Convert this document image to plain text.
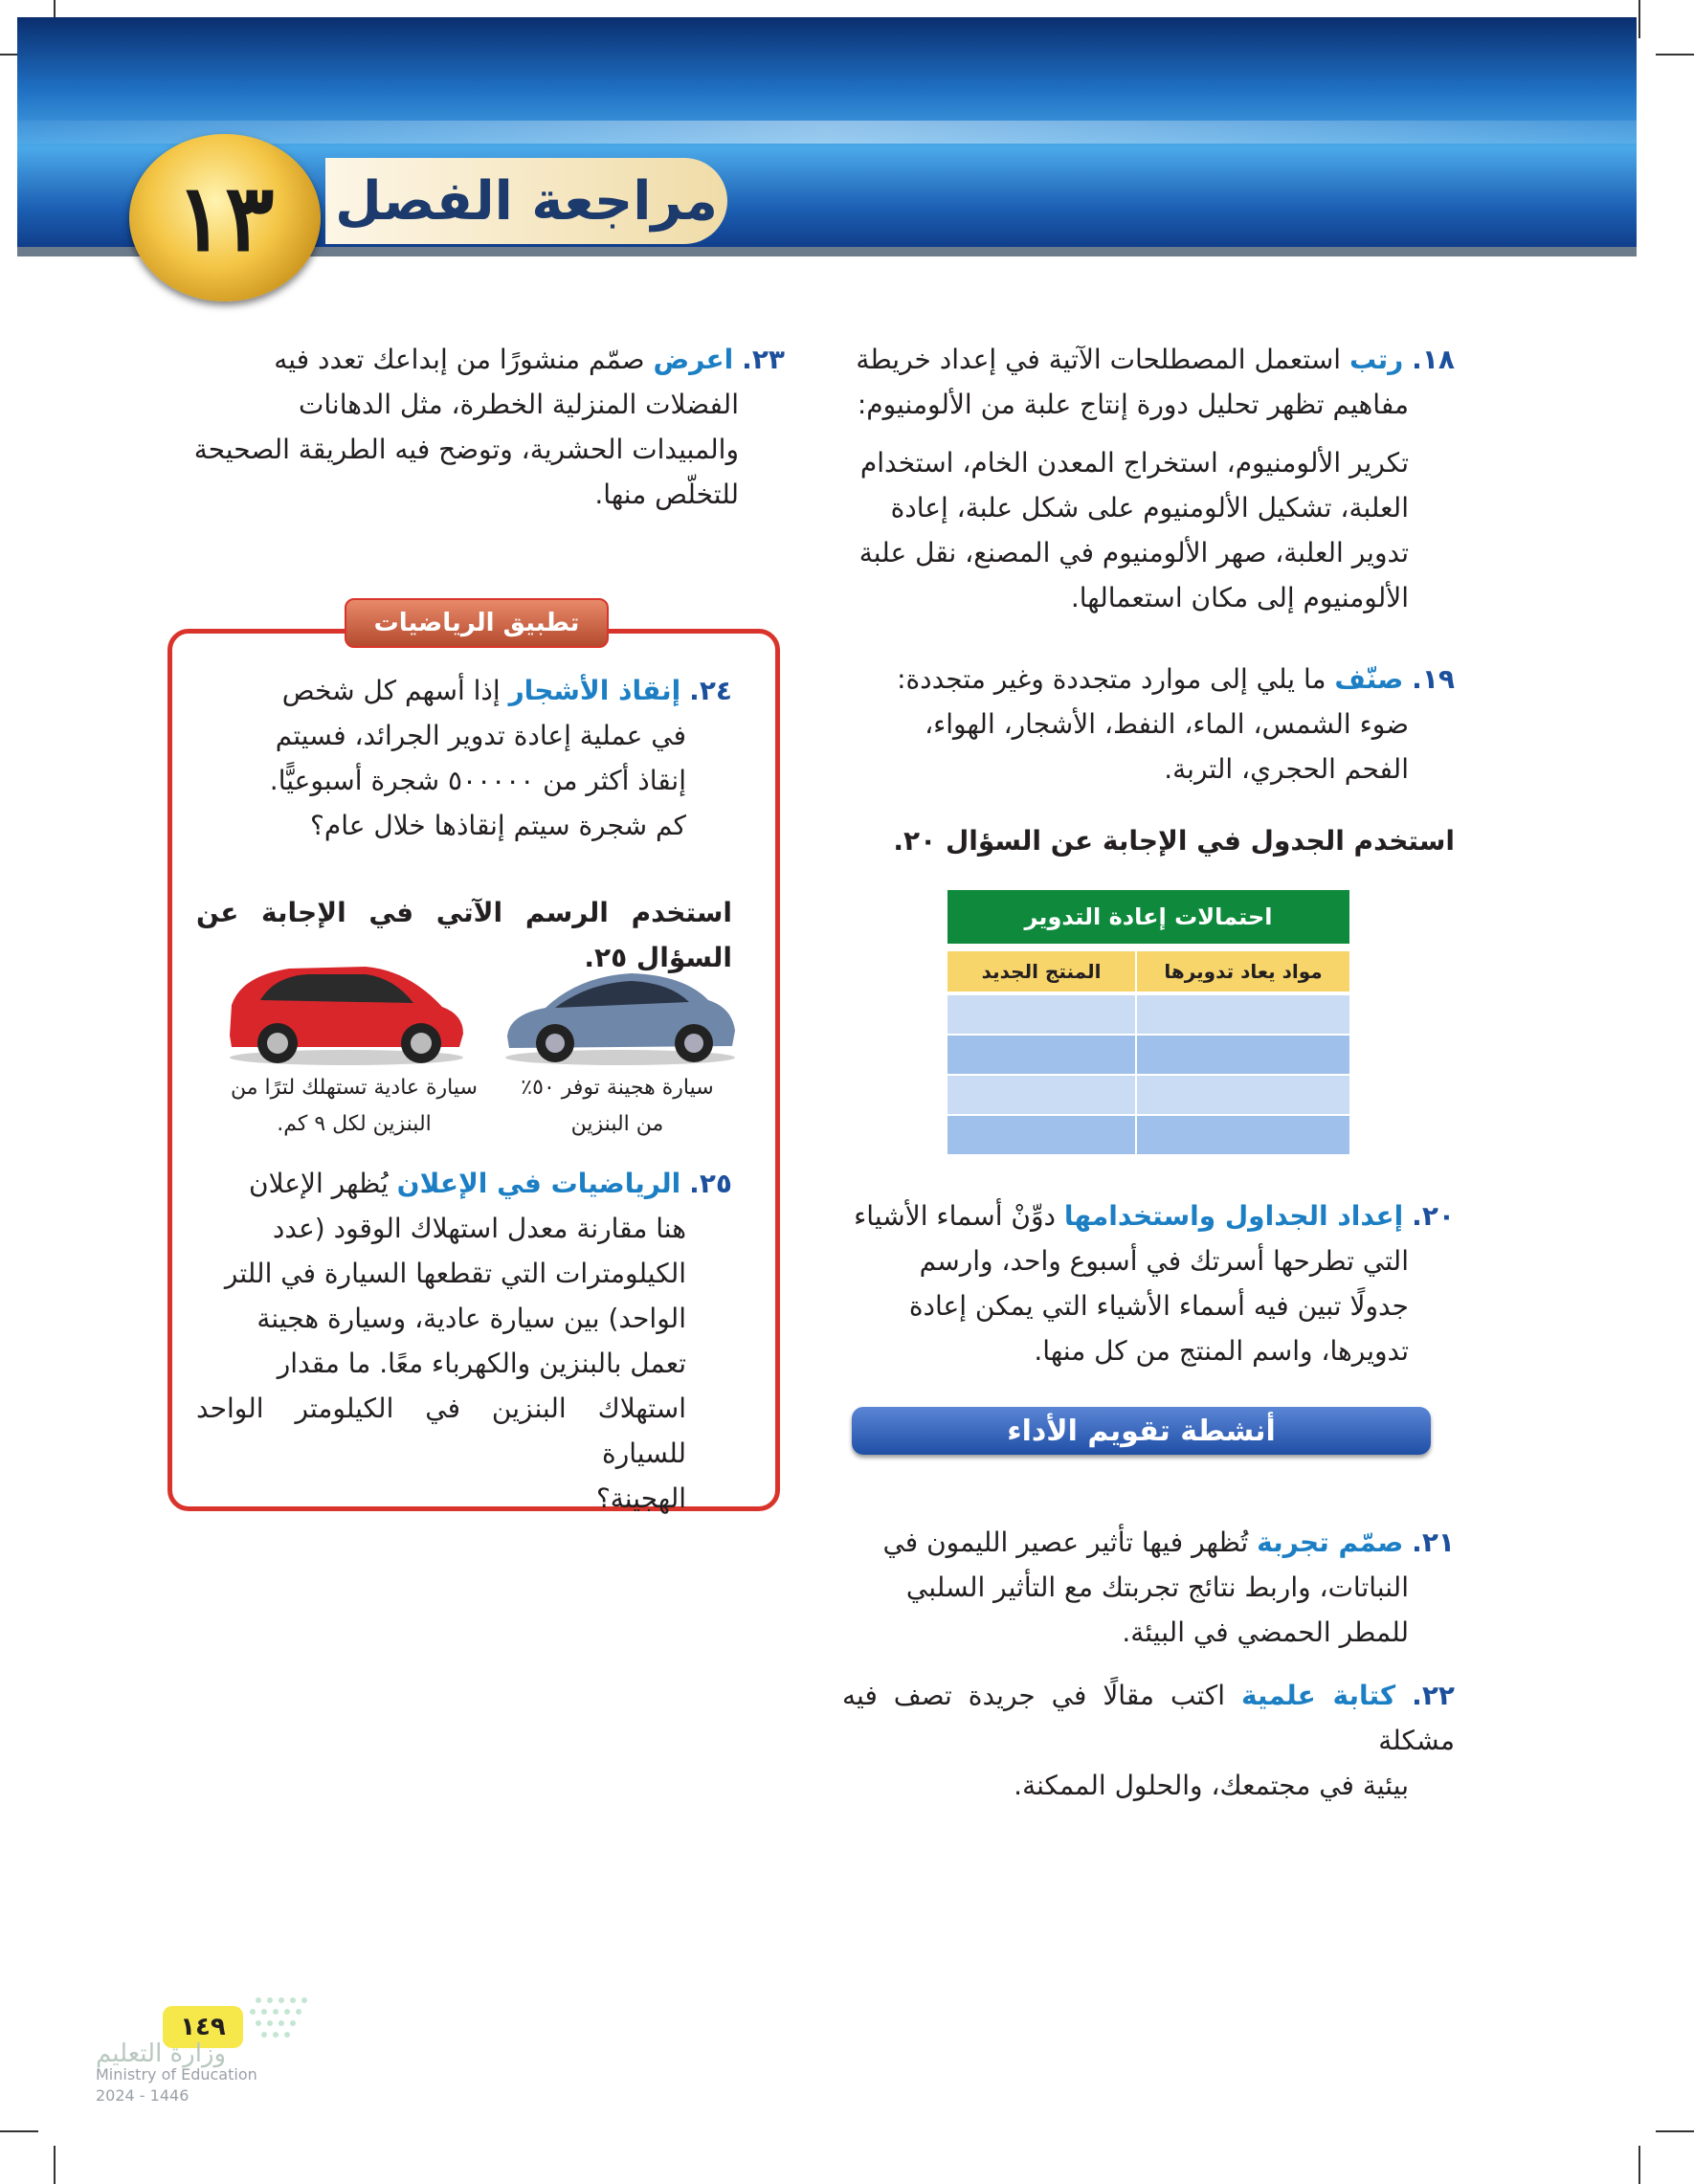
مراجعة الفصل
١٣
١٨. رتب استعمل المصطلحات الآتية في إعداد خريطة
مفاهيم تظهر تحليل دورة إنتاج علبة من الألومنيوم:
تكرير الألومنيوم، استخراج المعدن الخام، استخدام
العلبة، تشكيل الألومنيوم على شكل علبة، إعادة
تدوير العلبة، صهر الألومنيوم في المصنع، نقل علبة
الألومنيوم إلى مكان استعمالها.
١٩. صنّف ما يلي إلى موارد متجددة وغير متجددة:
ضوء الشمس، الماء، النفط، الأشجار، الهواء،
الفحم الحجري، التربة.
استخدم الجدول في الإجابة عن السؤال ٢٠.
احتمالات إعادة التدوير
مواد يعاد تدويرها
المنتج الجديد
٢٠. إعداد الجداول واستخدامها دوِّنْ أسماء الأشياء
التي تطرحها أسرتك في أسبوع واحد، وارسم
جدولًا تبين فيه أسماء الأشياء التي يمكن إعادة
تدويرها، واسم المنتج من كل منها.
أنشطة تقويم الأداء
٢١. صمّم تجربة تُظهر فيها تأثير عصير الليمون في
النباتات، واربط نتائج تجربتك مع التأثير السلبي
للمطر الحمضي في البيئة.
٢٢. كتابة علمية اكتب مقالًا في جريدة تصف فيه مشكلة
بيئية في مجتمعك، والحلول الممكنة.
٢٣. اعرض صمّم منشورًا من إبداعك تعدد فيه
الفضلات المنزلية الخطرة، مثل الدهانات
والمبيدات الحشرية، وتوضح فيه الطريقة الصحيحة
للتخلّص منها.
تطبيق الرياضيات
٢٤. إنقاذ الأشجار إذا أسهم كل شخص
في عملية إعادة تدوير الجرائد، فسيتم
إنقاذ أكثر من ٥٠٠٠٠٠ شجرة أسبوعيًّا.
كم شجرة سيتم إنقاذها خلال عام؟
استخدم الرسم الآتي في الإجابة عن السؤال ٢٥.
سيارة هجينة توفر ٥٠٪
من البنزين
سيارة عادية تستهلك لترًا من
البنزين لكل ٩ كم.
٢٥. الرياضيات في الإعلان يُظهر الإعلان
هنا مقارنة معدل استهلاك الوقود (عدد
الكيلومترات التي تقطعها السيارة في اللتر
الواحد) بين سيارة عادية، وسيارة هجينة
تعمل بالبنزين والكهرباء معًا. ما مقدار
استهلاك البنزين في الكيلومتر الواحد للسيارة
الهجينة؟
١٤٩
وزارة التعليم
Ministry of Education
2024 - 1446
